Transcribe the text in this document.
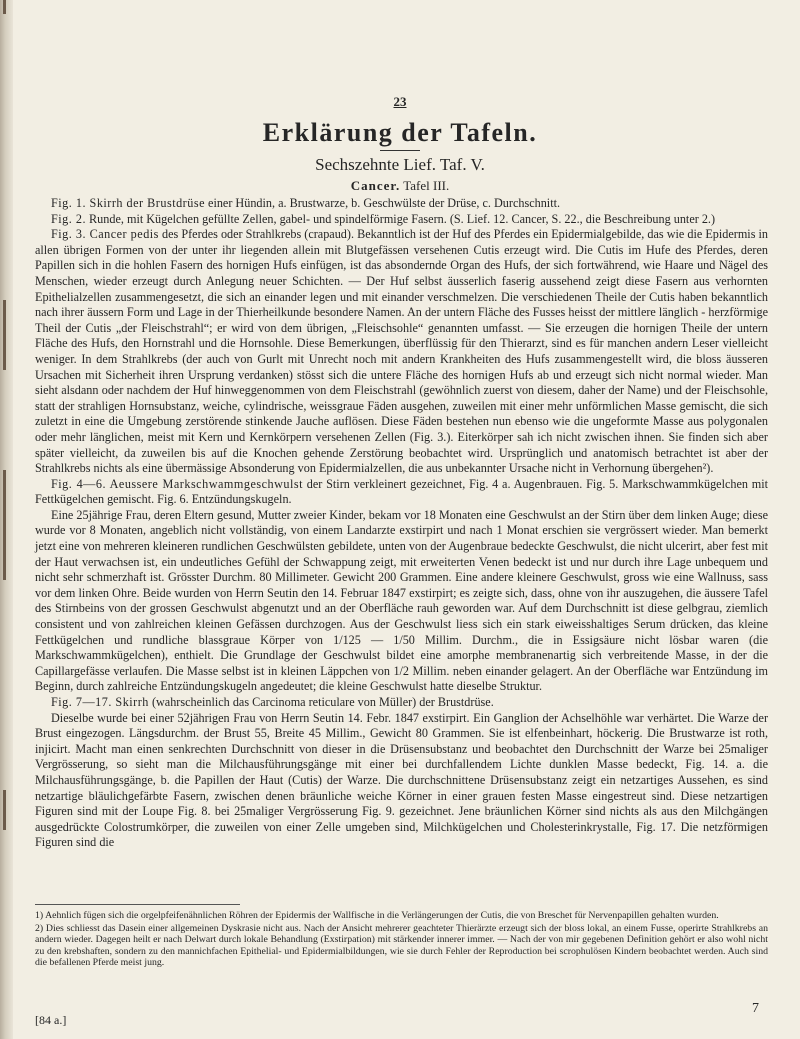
23
Erklärung der Tafeln.
Sechszehnte Lief. Taf. V.
Cancer. Tafel III.

Fig. 1. Skirrh der Brustdrüse einer Hündin, a. Brustwarze, b. Geschwülste der Drüse, c. Durchschnitt.

Fig. 2. Runde, mit Kügelchen gefüllte Zellen, gabel- und spindelförmige Fasern. (S. Lief. 12. Cancer, S. 22., die Beschreibung unter 2.)

Fig. 3. Cancer pedis des Pferdes oder Strahlkrebs (crapaud). Bekanntlich ist der Huf des Pferdes ein Epidermialgebilde, das wie die Epidermis in allen übrigen Formen von der unter ihr liegenden allein mit Blutgefässen versehenen Cutis erzeugt wird. Die Cutis im Hufe des Pferdes, deren Papillen sich in die hohlen Fasern des hornigen Hufs einfügen, ist das absondernde Organ des Hufs, der sich fortwährend, wie Haare und Nägel des Menschen, wieder erzeugt durch Anlegung neuer Schichten. — Der Huf selbst äusserlich faserig aussehend zeigt diese Fasern aus verhornten Epithelialzellen zusammengesetzt, die sich an einander legen und mit einander verschmelzen. Die verschiedenen Theile der Cutis haben bekanntlich nach ihrer äussern Form und Lage in der Thierheilkunde besondere Namen. An der untern Fläche des Fusses heisst der mittlere länglich - herzförmige Theil der Cutis „der Fleischstrahl“; er wird von dem übrigen, „Fleischsohle“ genannten umfasst. — Sie erzeugen die hornigen Theile der untern Fläche des Hufs, den Hornstrahl und die Hornsohle. Diese Bemerkungen, überflüssig für den Thierarzt, sind es für manchen andern Leser vielleicht weniger. In dem Strahlkrebs (der auch von Gurlt mit Unrecht noch mit andern Krankheiten des Hufs zusammengestellt wird, die bloss äusseren Ursachen mit Sicherheit ihren Ursprung verdanken) stösst sich die untere Fläche des hornigen Hufs ab und erzeugt sich nicht normal wieder. Man sieht alsdann oder nachdem der Huf hinweggenommen von dem Fleischstrahl (gewöhnlich zuerst von diesem, daher der Name) und der Fleischsohle, statt der strahligen Hornsubstanz, weiche, cylindrische, weissgraue Fäden ausgehen, zuweilen mit einer mehr unförmlichen Masse gemischt, die sich zuletzt in eine die Umgebung zerstörende stinkende Jauche auflösen. Diese Fäden bestehen nun ebenso wie die ungeformte Masse aus polygonalen oder mehr länglichen, meist mit Kern und Kernkörpern versehenen Zellen (Fig. 3.). Eiterkörper sah ich nicht zwischen ihnen. Sie finden sich aber später vielleicht, da zuweilen bis auf die Knochen gehende Zerstörung beobachtet wird. Ursprünglich und anatomisch betrachtet ist aber der Strahlkrebs nichts als eine übermässige Absonderung von Epidermialzellen, die aus unbekannter Ursache nicht in Verhornung übergehen²).

Fig. 4—6. Aeussere Markschwammgeschwulst der Stirn verkleinert gezeichnet, Fig. 4 a. Augenbrauen. Fig. 5. Markschwammkügelchen mit Fettkügelchen gemischt. Fig. 6. Entzündungskugeln.

Eine 25jährige Frau, deren Eltern gesund, Mutter zweier Kinder, bekam vor 18 Monaten eine Geschwulst an der Stirn über dem linken Auge; diese wurde vor 8 Monaten, angeblich nicht vollständig, von einem Landarzte exstirpirt und nach 1 Monat erschien sie vergrössert wieder. Man bemerkt jetzt eine von mehreren kleineren rundlichen Geschwülsten gebildete, unten von der Augenbraue bedeckte Geschwulst, die nicht ulcerirt, aber fest mit der Haut verwachsen ist, ein undeutliches Gefühl der Schwappung zeigt, mit erweiterten Venen bedeckt ist und nur durch ihre Lage unbequem und nicht sehr schmerzhaft ist. Grösster Durchm. 80 Millimeter. Gewicht 200 Grammen. Eine andere kleinere Geschwulst, gross wie eine Wallnuss, sass vor dem linken Ohre. Beide wurden von Herrn Seutin den 14. Februar 1847 exstirpirt; es zeigte sich, dass, ohne von ihr auszugehen, die äussere Tafel des Stirnbeins von der grossen Geschwulst abgenutzt und an der Oberfläche rauh geworden war. Auf dem Durchschnitt ist diese gelbgrau, ziemlich consistent und von zahlreichen kleinen Gefässen durchzogen. Aus der Geschwulst liess sich ein stark eiweisshaltiges Serum drücken, das kleine Fettkügelchen und rundliche blassgraue Körper von 1/125 — 1/50 Millim. Durchm., die in Essigsäure nicht lösbar waren (die Markschwammkügelchen), enthielt. Die Grundlage der Geschwulst bildet eine amorphe membranenartig sich verbreitende Masse, in der die Capillargefässe verlaufen. Die Masse selbst ist in kleinen Läppchen von 1/2 Millim. neben einander gelagert. An der Oberfläche war Entzündung im Beginn, durch zahlreiche Entzündungskugeln angedeutet; die kleine Geschwulst hatte dieselbe Struktur.

Fig. 7—17. Skirrh (wahrscheinlich das Carcinoma reticulare von Müller) der Brustdrüse.

Dieselbe wurde bei einer 52jährigen Frau von Herrn Seutin 14. Febr. 1847 exstirpirt. Ein Ganglion der Achselhöhle war verhärtet. Die Warze der Brust eingezogen. Längsdurchm. der Brust 55, Breite 45 Millim., Gewicht 80 Grammen. Sie ist elfenbeinhart, höckerig. Die Brustwarze ist roth, injicirt. Macht man einen senkrechten Durchschnitt von dieser in die Drüsensubstanz und beobachtet den Durchschnitt der Warze bei 25maliger Vergrösserung, so sieht man die Milchausführungsgänge mit einer bei durchfallendem Lichte dunklen Masse bedeckt, Fig. 14. a. die Milchausführungsgänge, b. die Papillen der Haut (Cutis) der Warze. Die durchschnittene Drüsensubstanz zeigt ein netzartiges Aussehen, es sind netzartige bläulichgefärbte Fasern, zwischen denen bräunliche weiche Körner in einer grauen festen Masse eingestreut sind. Diese netzartigen Figuren sind mit der Loupe Fig. 8. bei 25maliger Vergrösserung Fig. 9. gezeichnet. Jene bräunlichen Körner sind nichts als aus den Milchgängen ausgedrückte Colostrumkörper, die zuweilen von einer Zelle umgeben sind, Milchkügelchen und Cholesterinkrystalle, Fig. 17. Die netzförmigen Figuren sind die

1) Aehnlich fügen sich die orgelpfeifenähnlichen Röhren der Epidermis der Wallfische in die Verlängerungen der Cutis, die von Breschet für Nervenpapillen gehalten wurden.

2) Dies schliesst das Dasein einer allgemeinen Dyskrasie nicht aus. Nach der Ansicht mehrerer geachteter Thierärzte erzeugt sich der bloss lokal, an einem Fusse, operirte Strahlkrebs an andern wieder. Dagegen heilt er nach Delwart durch lokale Behandlung (Exstirpation) mit stärkender innerer immer. — Nach der von mir gegebenen Definition gehört er also wohl nicht zu den krebshaften, sondern zu den mannichfachen Epithelial- und Epidermialbildungen, wie sie durch Fehler der Reproduction bei scrophulösen Kindern beobachtet werden. Auch sind die befallenen Pferde meist jung.

[84 a.]
7
